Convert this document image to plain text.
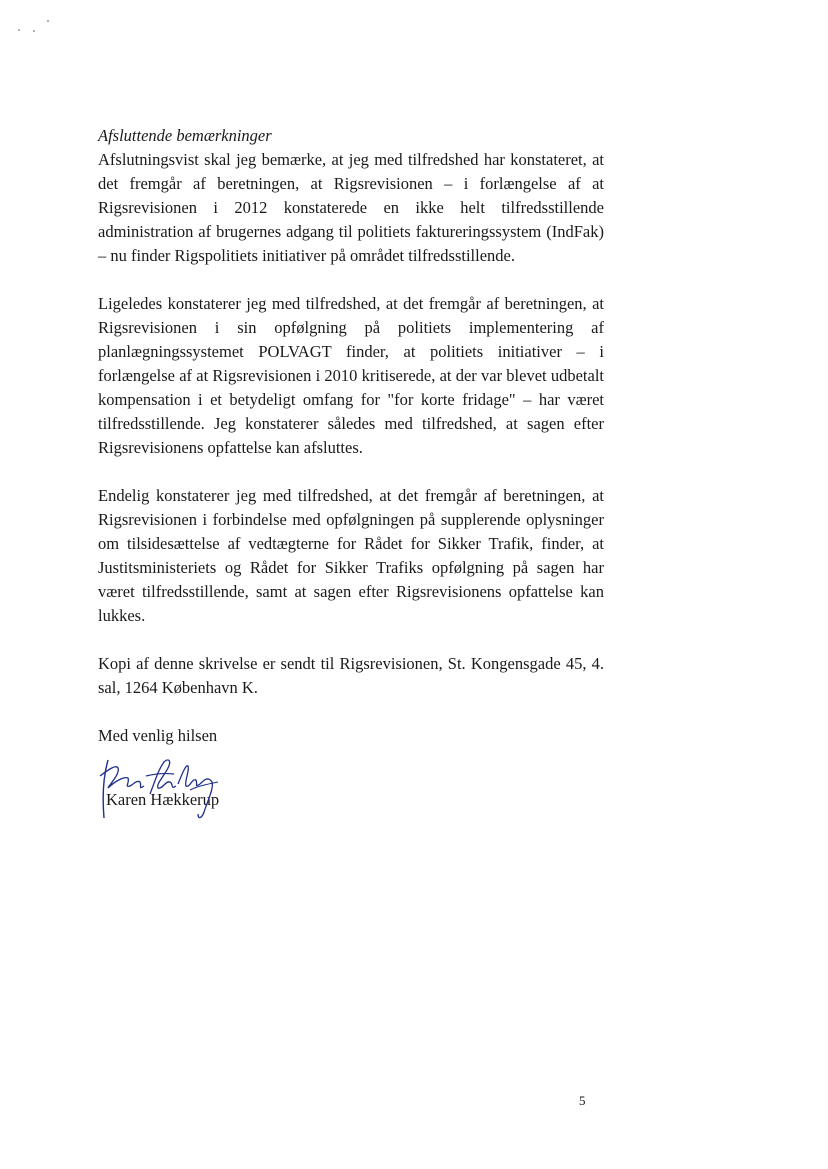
Afsluttende bemærkninger

Afslutningsvist skal jeg bemærke, at jeg med tilfredshed har konstateret, at det fremgår af beretningen, at Rigsrevisionen – i forlængelse af at Rigsrevisionen i 2012 konstaterede en ikke helt tilfredsstillende administration af brugernes adgang til politiets faktureringssystem (IndFak) – nu finder Rigspolitiets initiativer på området tilfredsstillende.

Ligeledes konstaterer jeg med tilfredshed, at det fremgår af beretningen, at Rigsrevisionen i sin opfølgning på politiets implementering af planlægningssystemet POLVAGT finder, at politiets initiativer – i forlængelse af at Rigsrevisionen i 2010 kritiserede, at der var blevet udbetalt kompensation i et betydeligt omfang for "for korte fridage" – har været tilfredsstillende. Jeg konstaterer således med tilfredshed, at sagen efter Rigsrevisionens opfattelse kan afsluttes.

Endelig konstaterer jeg med tilfredshed, at det fremgår af beretningen, at Rigsrevisionen i forbindelse med opfølgningen på supplerende oplysninger om tilsidesættelse af vedtægterne for Rådet for Sikker Trafik, finder, at Justitsministeriets og Rådet for Sikker Trafiks opfølgning på sagen har været tilfredsstillende, samt at sagen efter Rigsrevisionens opfattelse kan lukkes.

Kopi af denne skrivelse er sendt til Rigsrevisionen, St. Kongensgade 45, 4. sal, 1264 København K.

Med venlig hilsen

Karen Hækkerup
5
